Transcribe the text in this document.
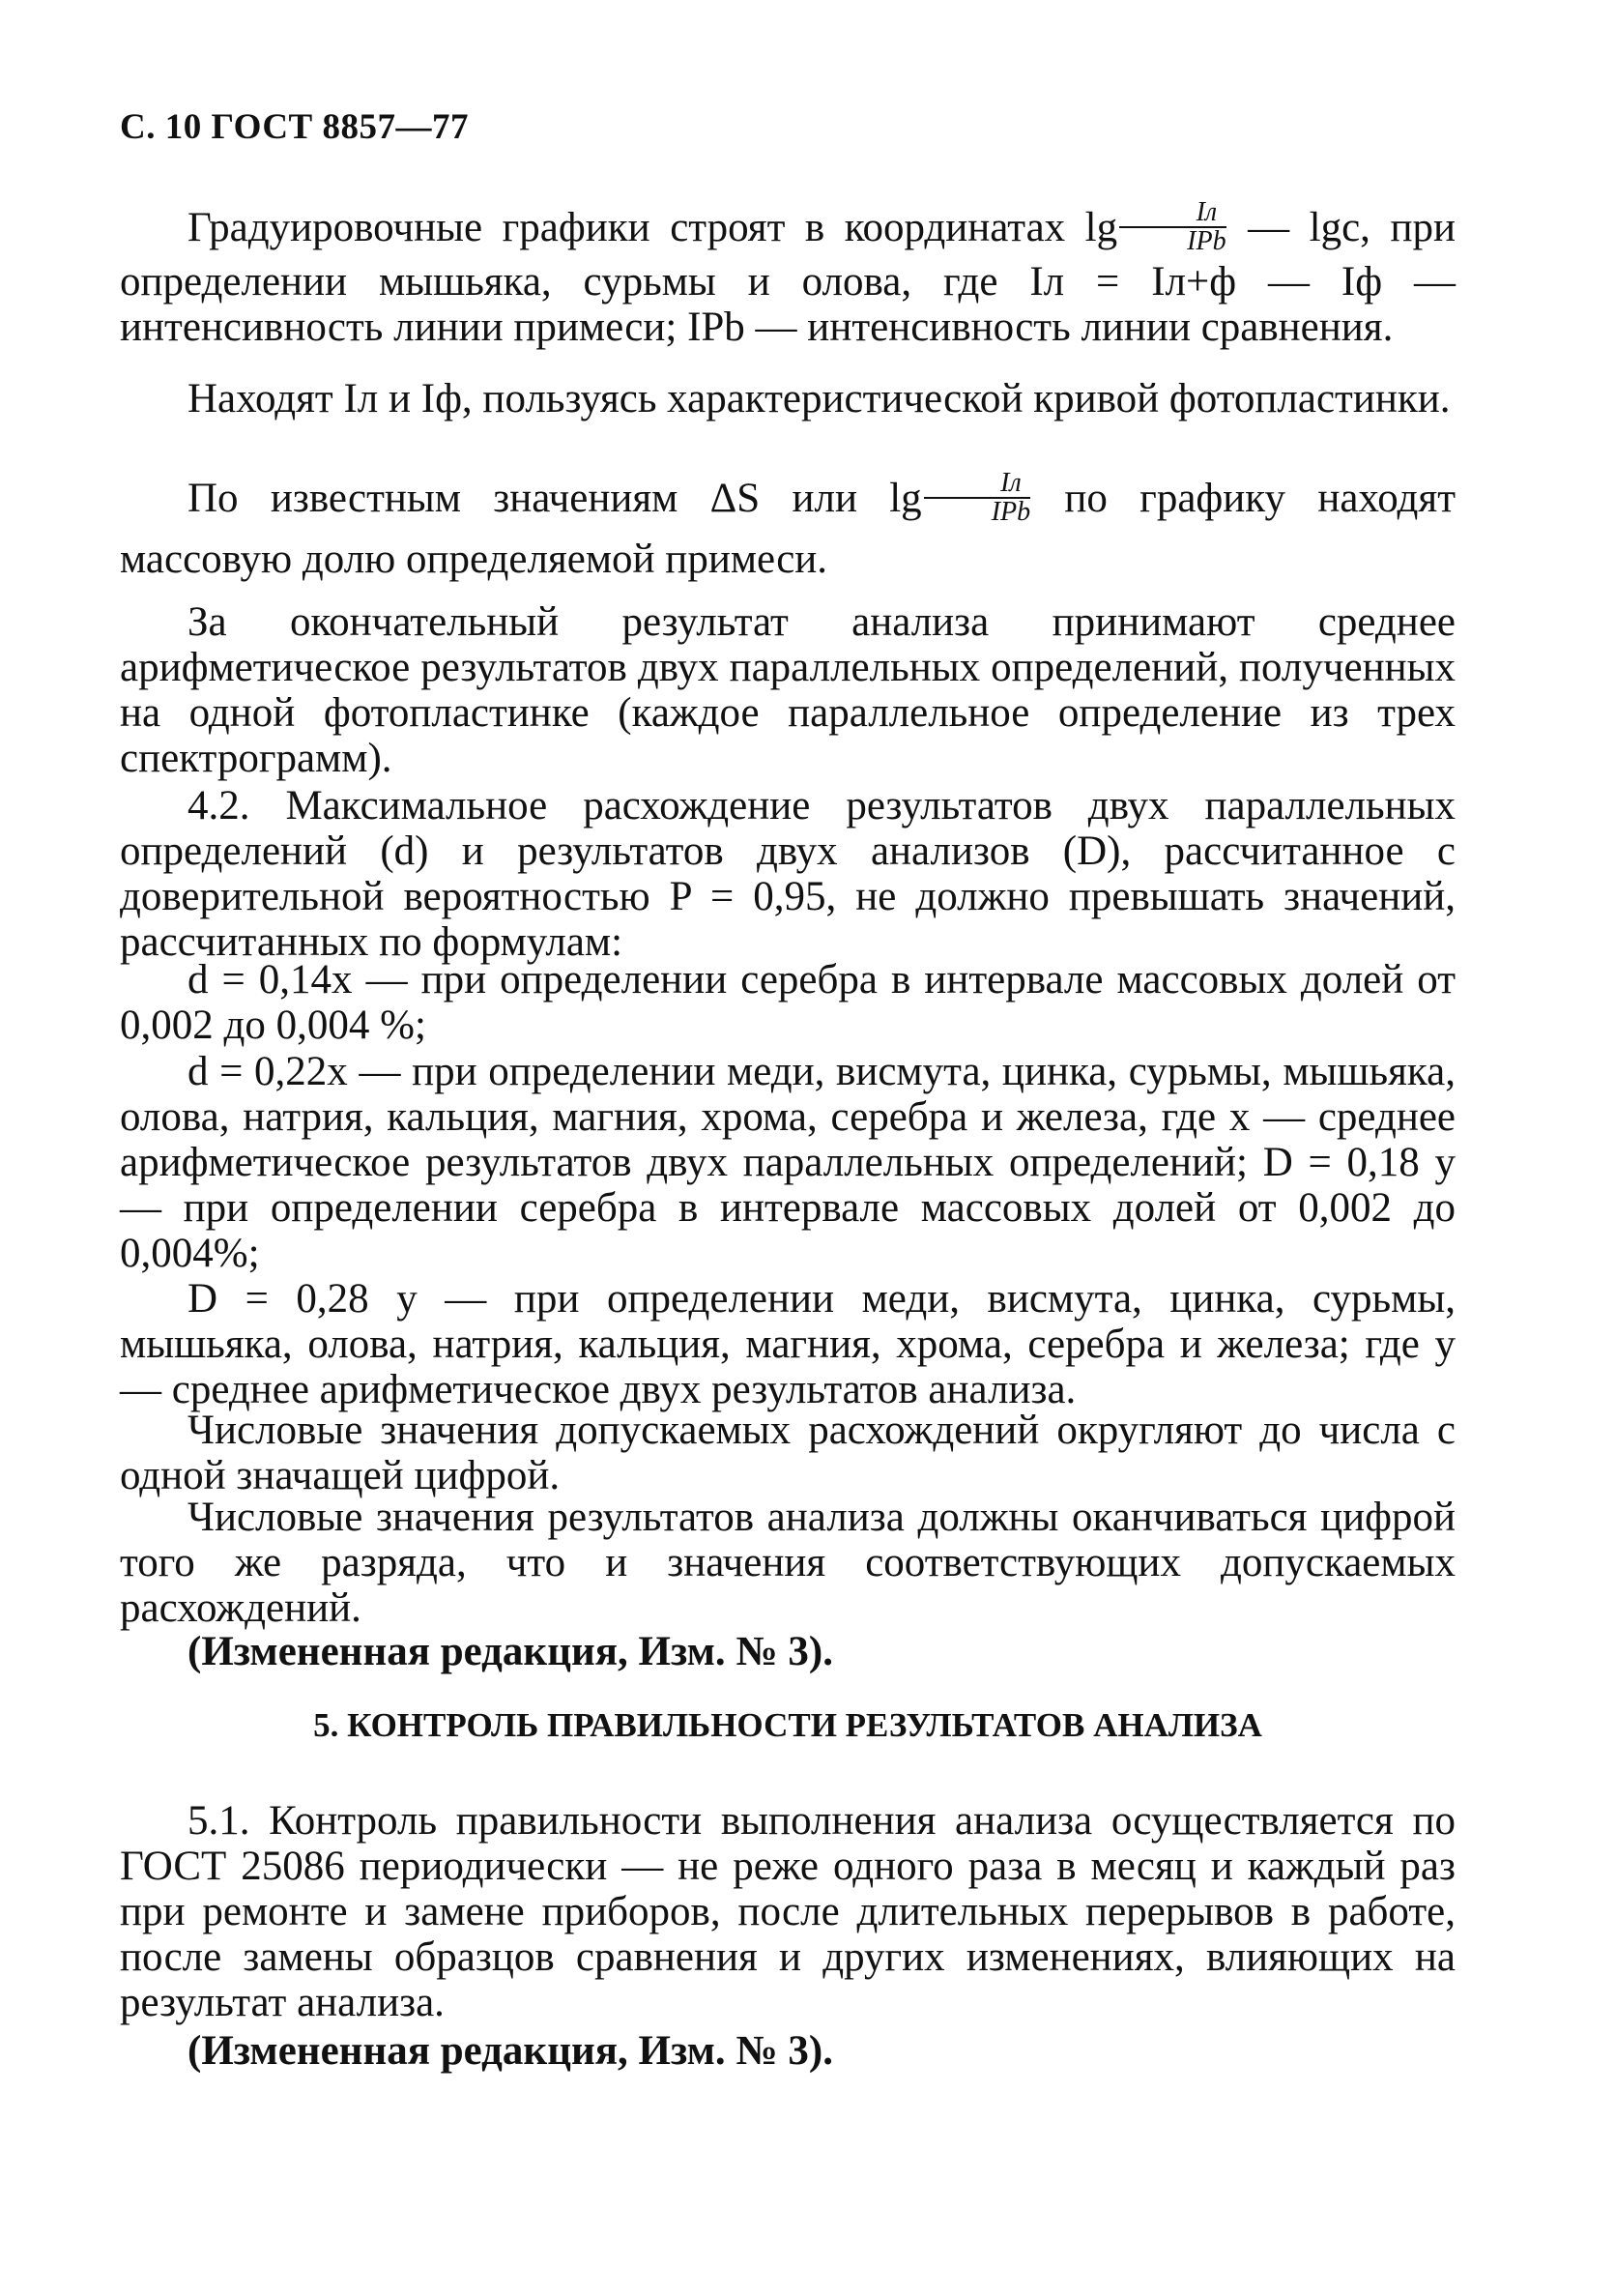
С. 10 ГОСТ 8857—77
Градуировочные графики строят в координатах $\lg \frac{Iл}{\text{IPb}}$ — lgc, при определении мышьяка, сурьмы и олова, где Iл = Iл+ф — Iф — интенсивность линии примеси; IPb — интенсивность линии сравнения.
Находят Iл и Iф, пользуясь характеристической кривой фотопластинки.
По известным значениям ΔS или $\lg \frac{Iл}{\text{IPb}}$ по графику находят массовую долю определяемой примеси.
За окончательный результат анализа принимают среднее арифметическое результатов двух параллельных определений, полученных на одной фотопластинке (каждое параллельное определение из трех спектрограмм).
4.2. Максимальное расхождение результатов двух параллельных определений (d) и результатов двух анализов (D), рассчитанное с доверительной вероятностью P = 0,95, не должно превышать значений, рассчитанных по формулам:
d = 0,14x — при определении серебра в интервале массовых долей от 0,002 до 0,004 %;
d = 0,22x — при определении меди, висмута, цинка, сурьмы, мышьяка, олова, натрия, кальция, магния, хрома, серебра и железа, где x — среднее арифметическое результатов двух параллельных определений; D = 0,18 y — при определении серебра в интервале массовых долей от 0,002 до 0,004%;
D = 0,28 y — при определении меди, висмута, цинка, сурьмы, мышьяка, олова, натрия, кальция, магния, хрома, серебра и железа; где y — среднее арифметическое двух результатов анализа.
Числовые значения допускаемых расхождений округляют до числа с одной значащей цифрой.
Числовые значения результатов анализа должны оканчиваться цифрой того же разряда, что и значения соответствующих допускаемых расхождений.
(Измененная редакция, Изм. № 3).
5. КОНТРОЛЬ ПРАВИЛЬНОСТИ РЕЗУЛЬТАТОВ АНАЛИЗА
5.1. Контроль правильности выполнения анализа осуществляется по ГОСТ 25086 периодически — не реже одного раза в месяц и каждый раз при ремонте и замене приборов, после длительных перерывов в работе, после замены образцов сравнения и других изменениях, влияющих на результат анализа.
(Измененная редакция, Изм. № 3).
